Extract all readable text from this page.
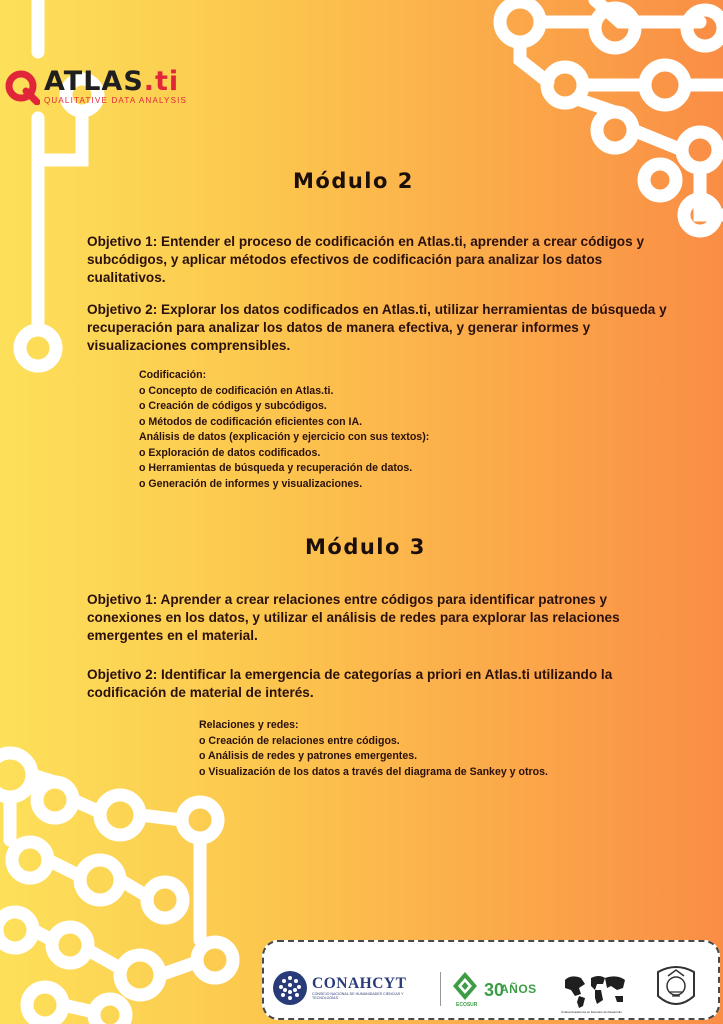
ATLAS.ti
QUALITATIVE DATA ANALYSIS
Módulo 2

Objetivo 1: Entender el proceso de codificación en Atlas.ti, aprender a crear códigos y subcódigos, y aplicar métodos efectivos de codificación para analizar los datos cualitativos.

Objetivo 2: Explorar los datos codificados en Atlas.ti, utilizar herramientas de búsqueda y recuperación para analizar los datos de manera efectiva, y generar informes y visualizaciones comprensibles.

Codificación:
o Concepto de codificación en Atlas.ti.
o Creación de códigos y subcódigos.
o Métodos de codificación eficientes con IA.
Análisis de datos (explicación y ejercicio con sus textos):
o Exploración de datos codificados.
o Herramientas de búsqueda y recuperación de datos.
o Generación de informes y visualizaciones.
Módulo 3

Objetivo 1: Aprender a crear relaciones entre códigos para identificar patrones y conexiones en los datos, y utilizar el análisis de redes para explorar las relaciones emergentes en el material.

Objetivo 2: Identificar la emergencia de categorías a priori en Atlas.ti utilizando la codificación de material de interés.

Relaciones y redes:
o Creación de relaciones entre códigos.
o Análisis de redes y patrones emergentes.
o Visualización de los datos a través del diagrama de Sankey y otros.
CONAHCYT
CONSEJO NACIONAL DE HUMANIDADES CIENCIAS Y TECNOLOGÍAS
ECOSUR
30
AÑOS
Unidad Académica en Estudios del Desarrollo
